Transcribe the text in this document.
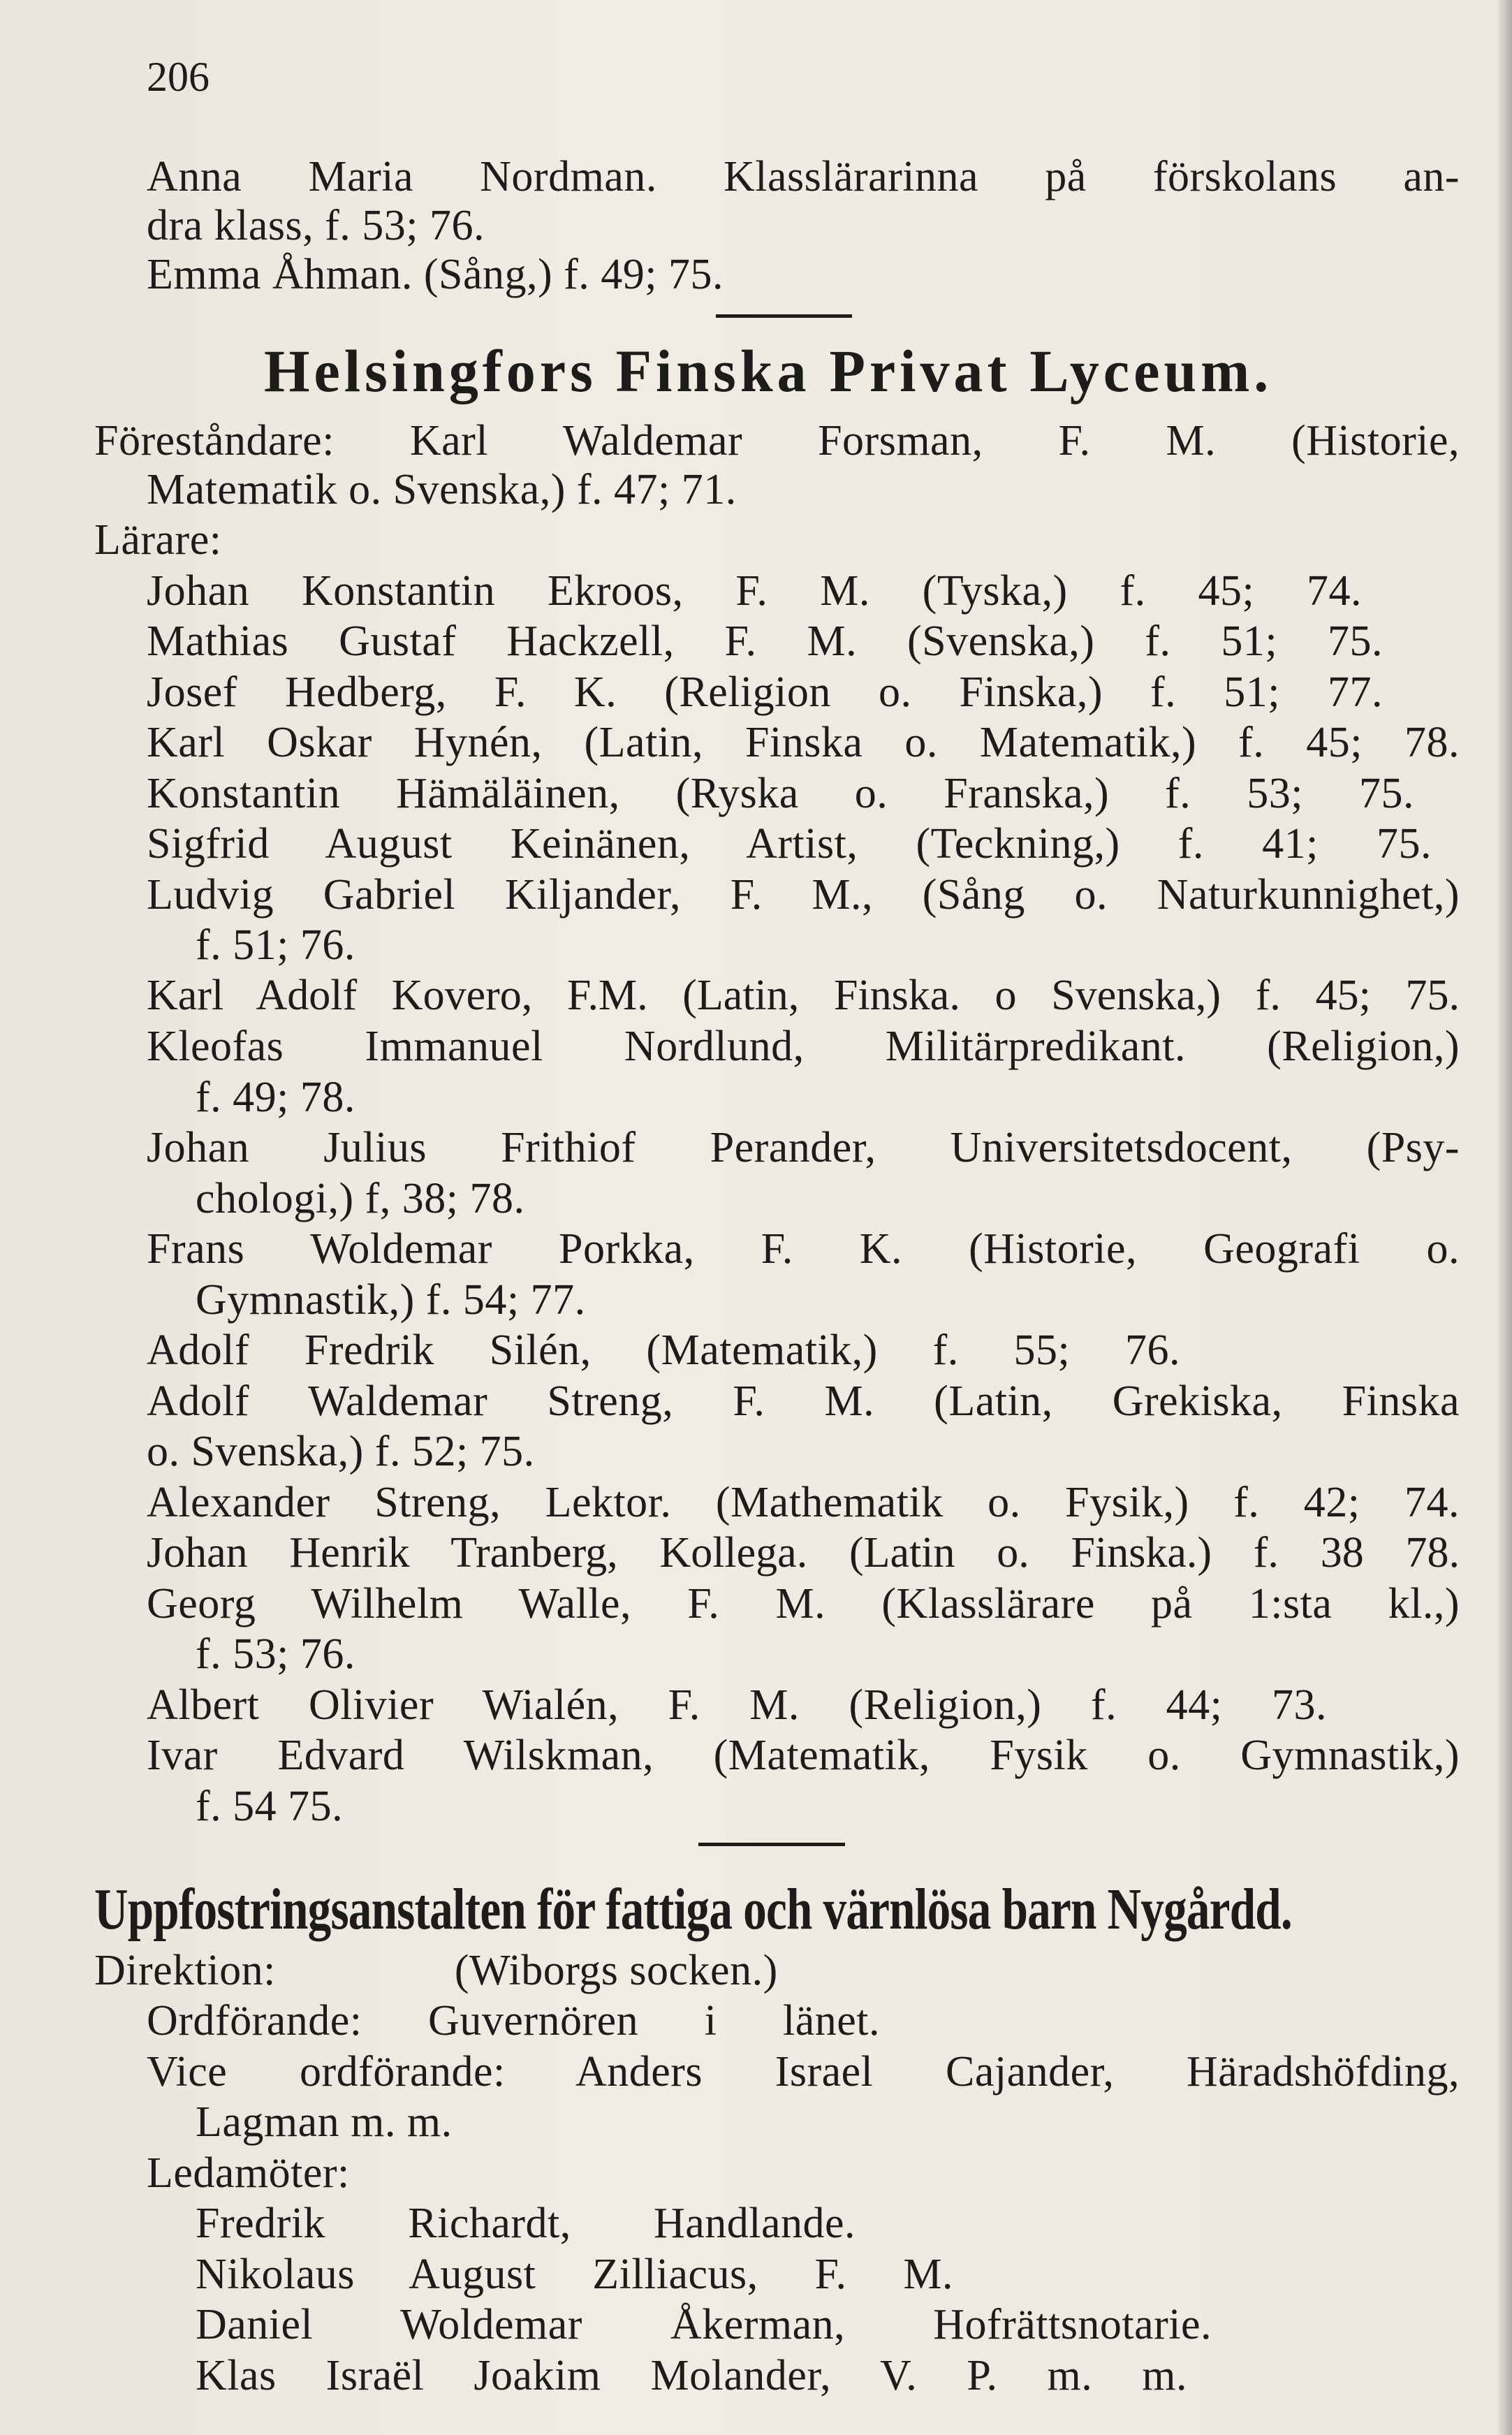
206
Anna Maria Nordman. Klasslärarinna på förskolans an-
dra klass, f. 53; 76.
Emma Åhman. (Sång,) f. 49; 75.
Helsingfors Finska Privat Lyceum.
Föreståndare: Karl Waldemar Forsman, F. M. (Historie,
Matematik o. Svenska,) f. 47; 71.
Lärare:
Johan Konstantin Ekroos, F. M. (Tyska,) f. 45; 74.
Mathias Gustaf Hackzell, F. M. (Svenska,) f. 51; 75.
Josef Hedberg, F. K. (Religion o. Finska,) f. 51; 77.
Karl Oskar Hynén, (Latin, Finska o. Matematik,) f. 45; 78.
Konstantin Hämäläinen, (Ryska o. Franska,) f. 53; 75.
Sigfrid August Keinänen, Artist, (Teckning,) f. 41; 75.
Ludvig Gabriel Kiljander, F. M., (Sång o. Naturkunnighet,)
f. 51; 76.
Karl Adolf Kovero, F.M. (Latin, Finska. o Svenska,) f. 45; 75.
Kleofas Immanuel Nordlund, Militärpredikant. (Religion,)
f. 49; 78.
Johan Julius Frithiof Perander, Universitetsdocent, (Psy-
chologi,) f, 38; 78.
Frans Woldemar Porkka, F. K. (Historie, Geografi o.
Gymnastik,) f. 54; 77.
Adolf Fredrik Silén, (Matematik,) f. 55; 76.
Adolf Waldemar Streng, F. M. (Latin, Grekiska, Finska
o. Svenska,) f. 52; 75.
Alexander Streng, Lektor. (Mathematik o. Fysik,) f. 42; 74.
Johan Henrik Tranberg, Kollega. (Latin o. Finska.) f. 38 78.
Georg Wilhelm Walle, F. M. (Klasslärare på 1:sta kl.,)
f. 53; 76.
Albert Olivier Wialén, F. M. (Religion,) f. 44; 73.
Ivar Edvard Wilskman, (Matematik, Fysik o. Gymnastik,)
f. 54 75.
Uppfostringsanstalten för fattiga och värnlösa barn Nygårdd.
Direktion:                (Wiborgs socken.)
Ordförande: Guvernören i länet.
Vice ordförande: Anders Israel Cajander, Häradshöfding,
Lagman m. m.
Ledamöter:
Fredrik Richardt, Handlande.
Nikolaus August Zilliacus, F. M.
Daniel Woldemar Åkerman, Hofrättsnotarie.
Klas Israël Joakim Molander, V. P. m. m.
